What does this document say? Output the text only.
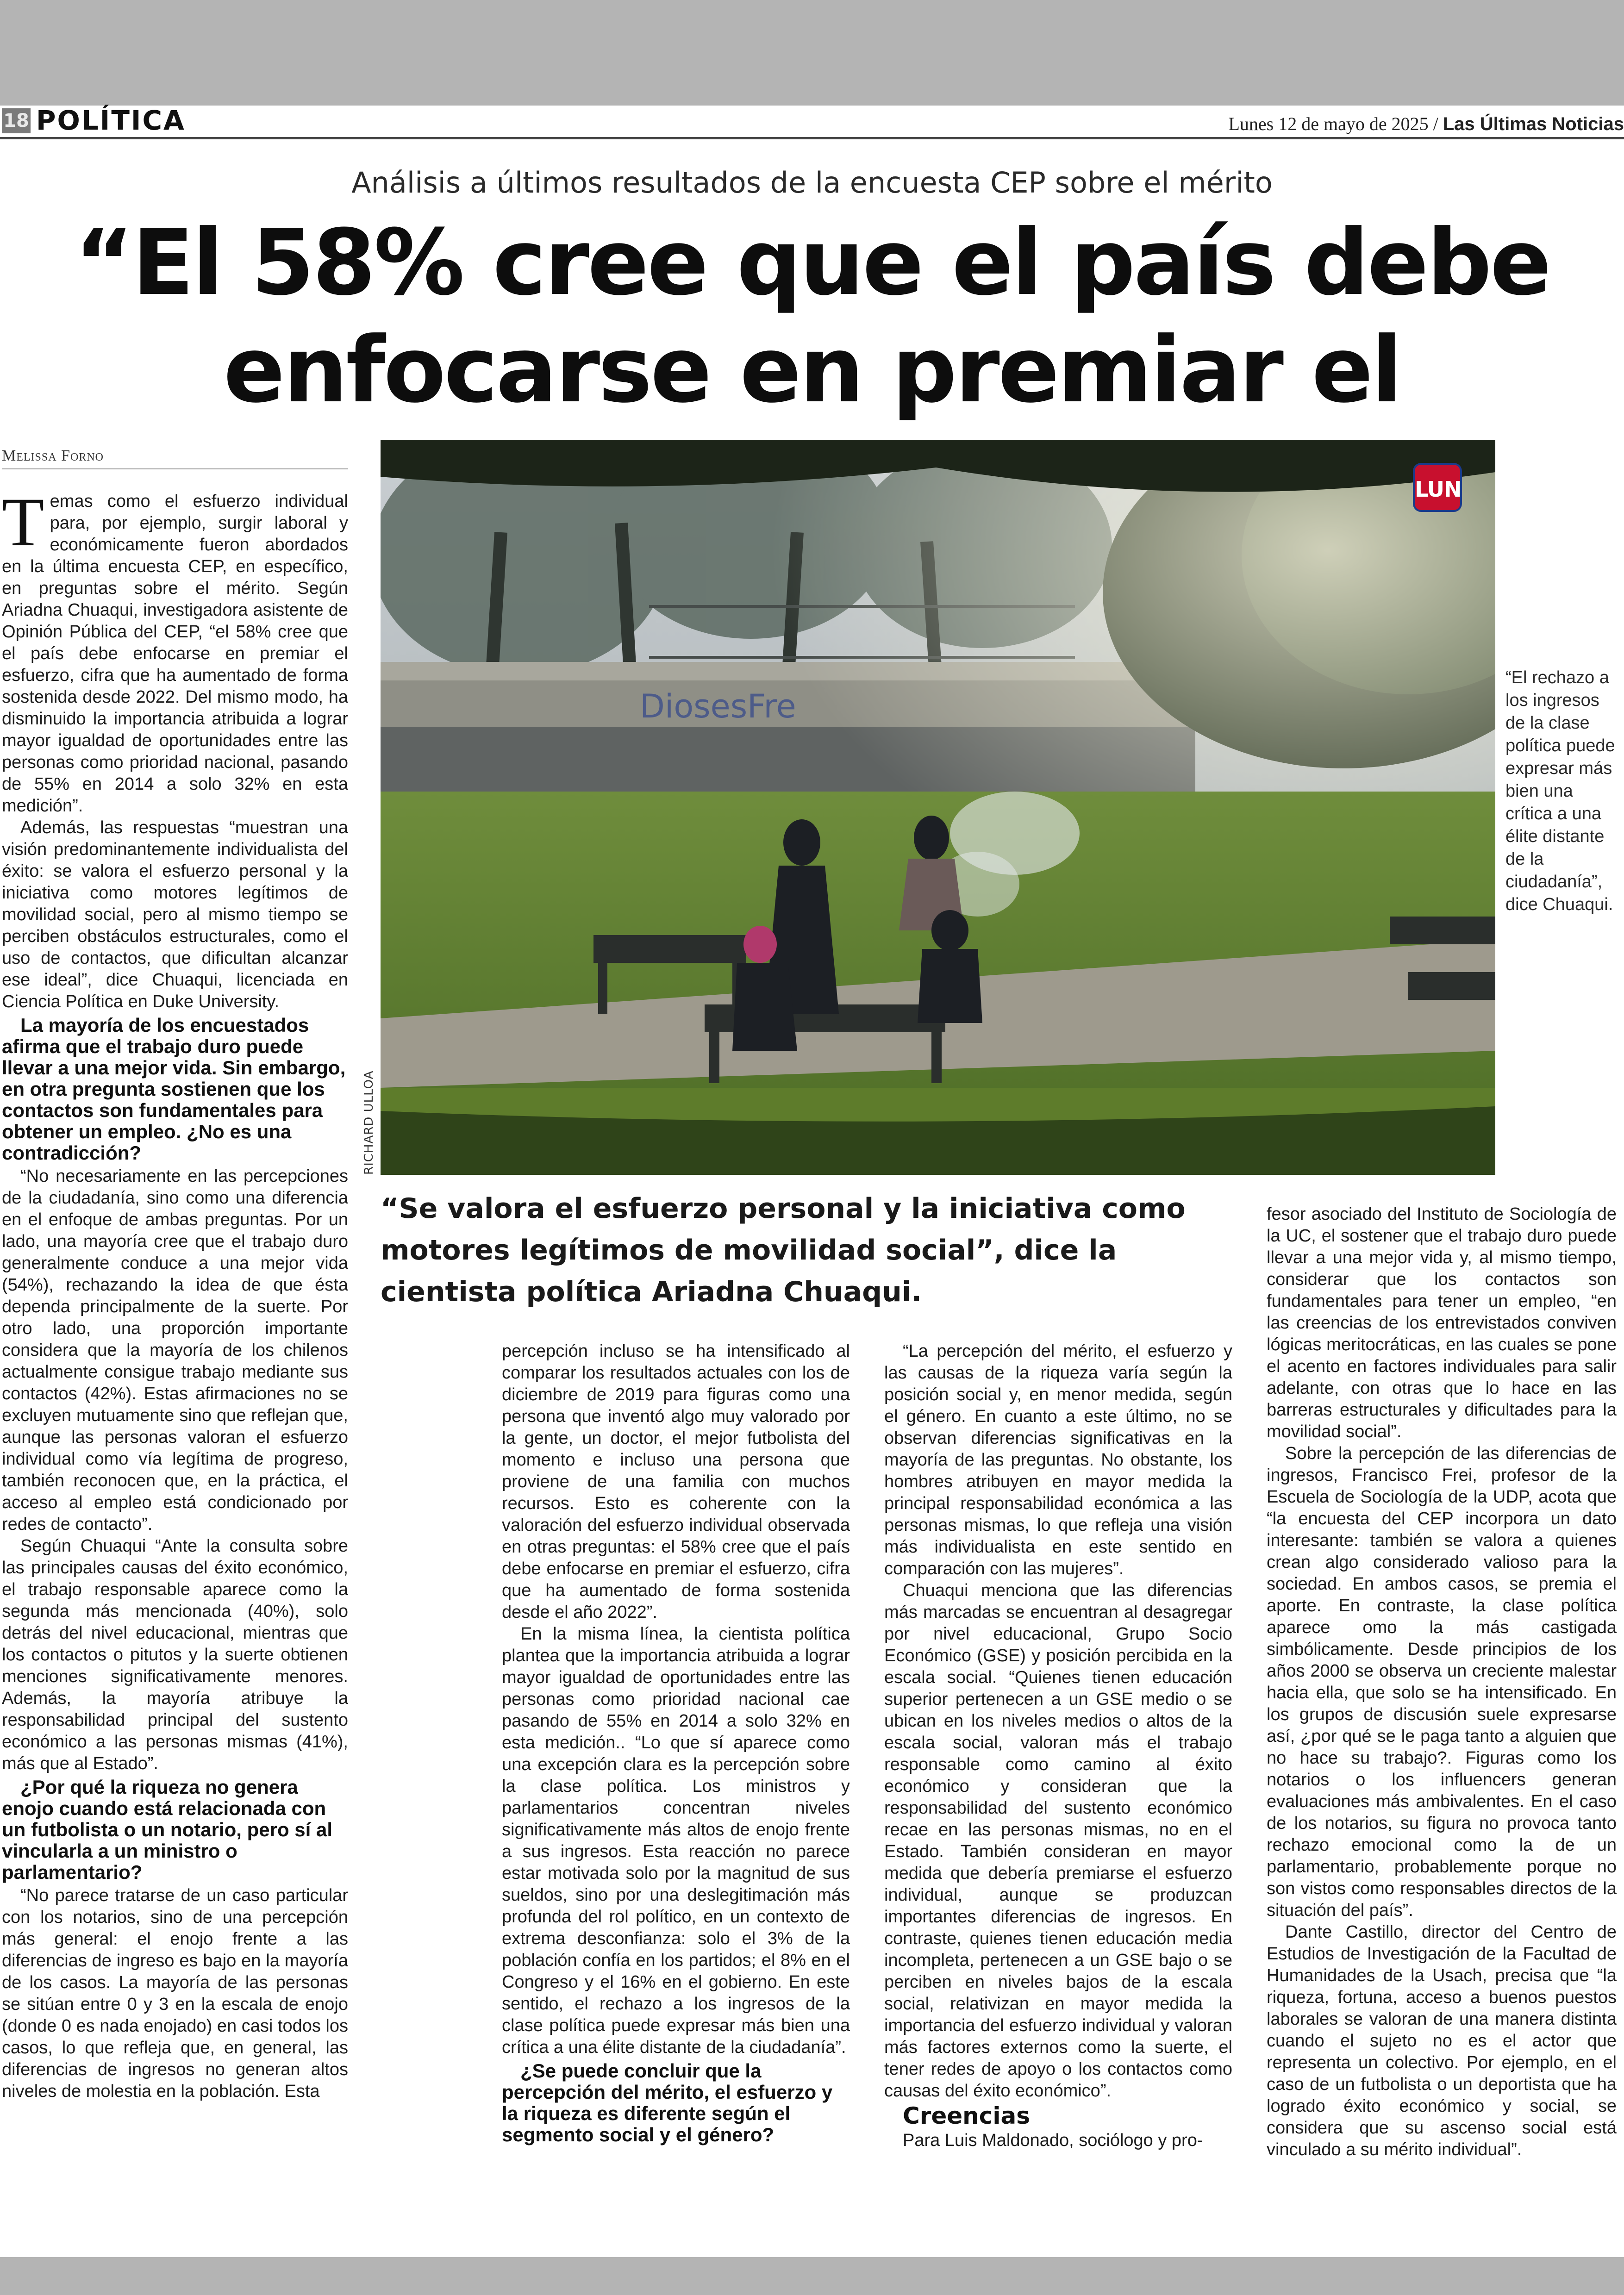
18 POLÍTICA	Lunes 12 de mayo de 2025 / Las Últimas Noticias
Análisis a últimos resultados de la encuesta CEP sobre el mérito
“El 58% cree que el país debe enfocarse en premiar el
Melissa Forno

Temas como el esfuerzo individual para, por ejemplo, surgir laboral y económicamente fueron abordados en la última encuesta CEP, en específico, en preguntas sobre el mérito. Según Ariadna Chuaqui, investigadora asistente de Opinión Pública del CEP, “el 58% cree que el país debe enfocarse en premiar el esfuerzo, cifra que ha aumentado de forma sostenida desde 2022. Del mismo modo, ha disminuido la importancia atribuida a lograr mayor igualdad de oportunidades entre las personas como prioridad nacional, pasando de 55% en 2014 a solo 32% en esta medición”.

Además, las respuestas “muestran una visión predominantemente individualista del éxito: se valora el esfuerzo personal y la iniciativa como motores legítimos de movilidad social, pero al mismo tiempo se perciben obstáculos estructurales, como el uso de contactos, que dificultan alcanzar ese ideal”, dice Chuaqui, licenciada en Ciencia Política en Duke University.

La mayoría de los encuestados afirma que el trabajo duro puede llevar a una mejor vida. Sin embargo, en otra pregunta sostienen que los contactos son fundamentales para obtener un empleo. ¿No es una contradicción?

“No necesariamente en las percepciones de la ciudadanía, sino como una diferencia en el enfoque de ambas preguntas. Por un lado, una mayoría cree que el trabajo duro generalmente conduce a una mejor vida (54%), rechazando la idea de que ésta dependa principalmente de la suerte. Por otro lado, una proporción importante considera que la mayoría de los chilenos actualmente consigue trabajo mediante sus contactos (42%). Estas afirmaciones no se excluyen mutuamente sino que reflejan que, aunque las personas valoran el esfuerzo individual como vía legítima de progreso, también reconocen que, en la práctica, el acceso al empleo está condicionado por redes de contacto”.

Según Chuaqui “Ante la consulta sobre las principales causas del éxito económico, el trabajo responsable aparece como la segunda más mencionada (40%), solo detrás del nivel educacional, mientras que los contactos o pitutos y la suerte obtienen menciones significativamente menores. Además, la mayoría atribuye la responsabilidad principal del sustento económico a las personas mismas (41%), más que al Estado”.

¿Por qué la riqueza no genera enojo cuando está relacionada con un futbolista o un notario, pero sí al vincularla a un ministro o parlamentario?

“No parece tratarse de un caso particular con los notarios, sino de una percepción más general: el enojo frente a las diferencias de ingreso es bajo en la mayoría de los casos. La mayoría de las personas se sitúan entre 0 y 3 en la escala de enojo (donde 0 es nada enojado) en casi todos los casos, lo que refleja que, en general, las diferencias de ingresos no generan altos niveles de molestia en la población. Esta

LUN
RICHARD ULLOA
“El rechazo a los ingresos de la clase política puede expresar más bien una crítica a una élite distante de la ciudadanía”, dice Chuaqui.
“Se valora el esfuerzo personal y la iniciativa como motores legítimos de movilidad social”, dice la cientista política Ariadna Chuaqui.

percepción incluso se ha intensificado al comparar los resultados actuales con los de diciembre de 2019 para figuras como una persona que inventó algo muy valorado por la gente, un doctor, el mejor futbolista del momento e incluso una persona que proviene de una familia con muchos recursos. Esto es coherente con la valoración del esfuerzo individual observada en otras preguntas: el 58% cree que el país debe enfocarse en premiar el esfuerzo, cifra que ha aumentado de forma sostenida desde el año 2022”.

En la misma línea, la cientista política plantea que la importancia atribuida a lograr mayor igualdad de oportunidades entre las personas como prioridad nacional cae pasando de 55% en 2014 a solo 32% en esta medición.. “Lo que sí aparece como una excepción clara es la percepción sobre la clase política. Los ministros y parlamentarios concentran niveles significativamente más altos de enojo frente a sus ingresos. Esta reacción no parece estar motivada solo por la magnitud de sus sueldos, sino por una deslegitimación más profunda del rol político, en un contexto de extrema desconfianza: solo el 3% de la población confía en los partidos; el 8% en el Congreso y el 16% en el gobierno. En este sentido, el rechazo a los ingresos de la clase política puede expresar más bien una crítica a una élite distante de la ciudadanía”.

¿Se puede concluir que la percepción del mérito, el esfuerzo y la riqueza es diferente según el segmento social y el género?

“La percepción del mérito, el esfuerzo y las causas de la riqueza varía según la posición social y, en menor medida, según el género. En cuanto a este último, no se observan diferencias significativas en la mayoría de las preguntas. No obstante, los hombres atribuyen en mayor medida la principal responsabilidad económica a las personas mismas, lo que refleja una visión más individualista en este sentido en comparación con las mujeres”.

Chuaqui menciona que las diferencias más marcadas se encuentran al desagregar por nivel educacional, Grupo Socio Económico (GSE) y posición percibida en la escala social. “Quienes tienen educación superior pertenecen a un GSE medio o se ubican en los niveles medios o altos de la escala social, valoran más el trabajo responsable como camino al éxito económico y consideran que la responsabilidad del sustento económico recae en las personas mismas, no en el Estado. También consideran en mayor medida que debería premiarse el esfuerzo individual, aunque se produzcan importantes diferencias de ingresos. En contraste, quienes tienen educación media incompleta, pertenecen a un GSE bajo o se perciben en niveles bajos de la escala social, relativizan en mayor medida la importancia del esfuerzo individual y valoran más factores externos como la suerte, el tener redes de apoyo o los contactos como causas del éxito económico”.

Creencias

Para Luis Maldonado, sociólogo y pro-

fesor asociado del Instituto de Sociología de la UC, el sostener que el trabajo duro puede llevar a una mejor vida y, al mismo tiempo, considerar que los contactos son fundamentales para tener un empleo, “en las creencias de los entrevistados conviven lógicas meritocráticas, en las cuales se pone el acento en factores individuales para salir adelante, con otras que lo hace en las barreras estructurales y dificultades para la movilidad social”.

Sobre la percepción de las diferencias de ingresos, Francisco Frei, profesor de la Escuela de Sociología de la UDP, acota que “la encuesta del CEP incorpora un dato interesante: también se valora a quienes crean algo considerado valioso para la sociedad. En ambos casos, se premia el aporte. En contraste, la clase política aparece omo la más castigada simbólicamente. Desde principios de los años 2000 se observa un creciente malestar hacia ella, que solo se ha intensificado. En los grupos de discusión suele expresarse así, ¿por qué se le paga tanto a alguien que no hace su trabajo?. Figuras como los notarios o los influencers generan evaluaciones más ambivalentes. En el caso de los notarios, su figura no provoca tanto rechazo emocional como la de un parlamentario, probablemente porque no son vistos como responsables directos de la situación del país”.

Dante Castillo, director del Centro de Estudios de Investigación de la Facultad de Humanidades de la Usach, precisa que “la riqueza, fortuna, acceso a buenos puestos laborales se valoran de una manera distinta cuando el sujeto no es el actor que representa un colectivo. Por ejemplo, en el caso de un futbolista o un deportista que ha logrado éxito económico y social, se considera que su ascenso social está vinculado a su mérito individual”.
